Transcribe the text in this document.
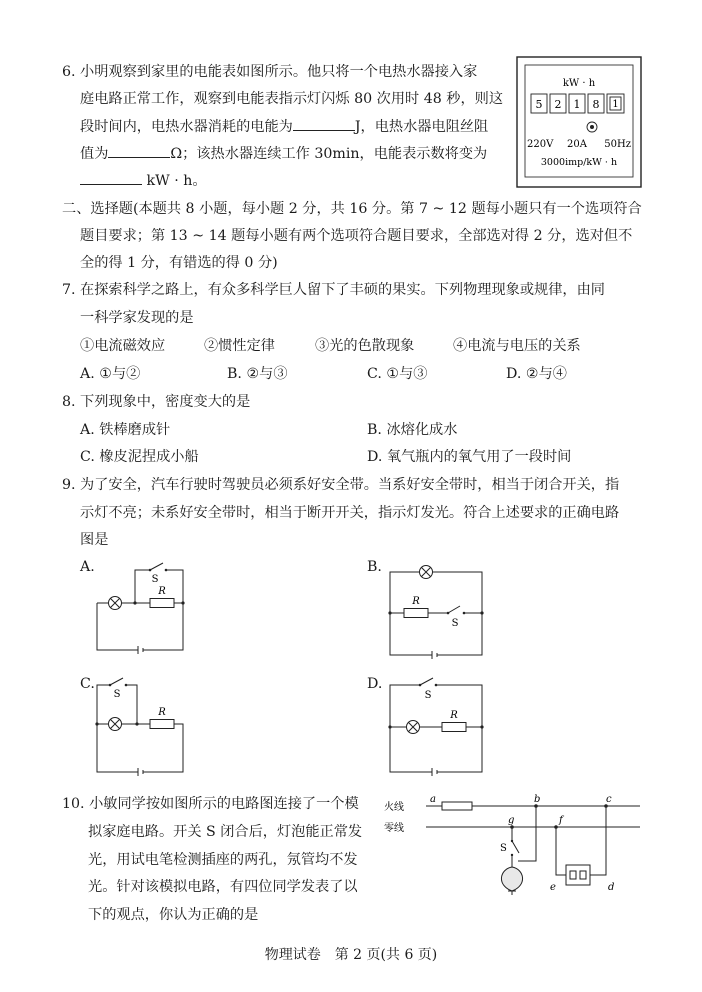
6. 小明观察到家里的电能表如图所示。他只将一个电热水器接入家
庭电路正常工作，观察到电能表指示灯闪烁 80 次用时 48 秒，则这
段时间内，电热水器消耗的电能为	J，电热水器电阻丝阻
值为	Ω；该热水器连续工作 30min，电能表示数将变为
kW · h。
kW · h
5 2 1 8 1
220V 20A 50Hz
3000imp/kW · h
二、选择题(本题共 8 小题，每小题 2 分，共 16 分。第 7 ~ 12 题每小题只有一个选项符合
题目要求；第 13 ~ 14 题每小题有两个选项符合题目要求，全部选对得 2 分，选对但不
全的得 1 分，有错选的得 0 分)
7. 在探索科学之路上，有众多科学巨人留下了丰硕的果实。下列物理现象或规律，由同
一科学家发现的是
①电流磁效应	②惯性定律	③光的色散现象	④电流与电压的关系
A. ①与②	B. ②与③	C. ①与③	D. ②与④
8. 下列现象中，密度变大的是
A. 铁棒磨成针	B. 冰熔化成水
C. 橡皮泥捏成小船	D. 氧气瓶内的氧气用了一段时间
9. 为了安全，汽车行驶时驾驶员必须系好安全带。当系好安全带时，相当于闭合开关，指
示灯不亮；未系好安全带时，相当于断开开关，指示灯发光。符合上述要求的正确电路
图是
A.	B.
C.	D.
S
R
R
S
S
R
S
R
10. 小敏同学按如图所示的电路图连接了一个模
拟家庭电路。开关 S 闭合后，灯泡能正常发
光，用试电笔检测插座的两孔，氖管均不发
光。针对该模拟电路，有四位同学发表了以
下的观点，你认为正确的是
火线
零线
a	b	c
d
e
f
g
S
物理试卷　第 2 页(共 6 页)
